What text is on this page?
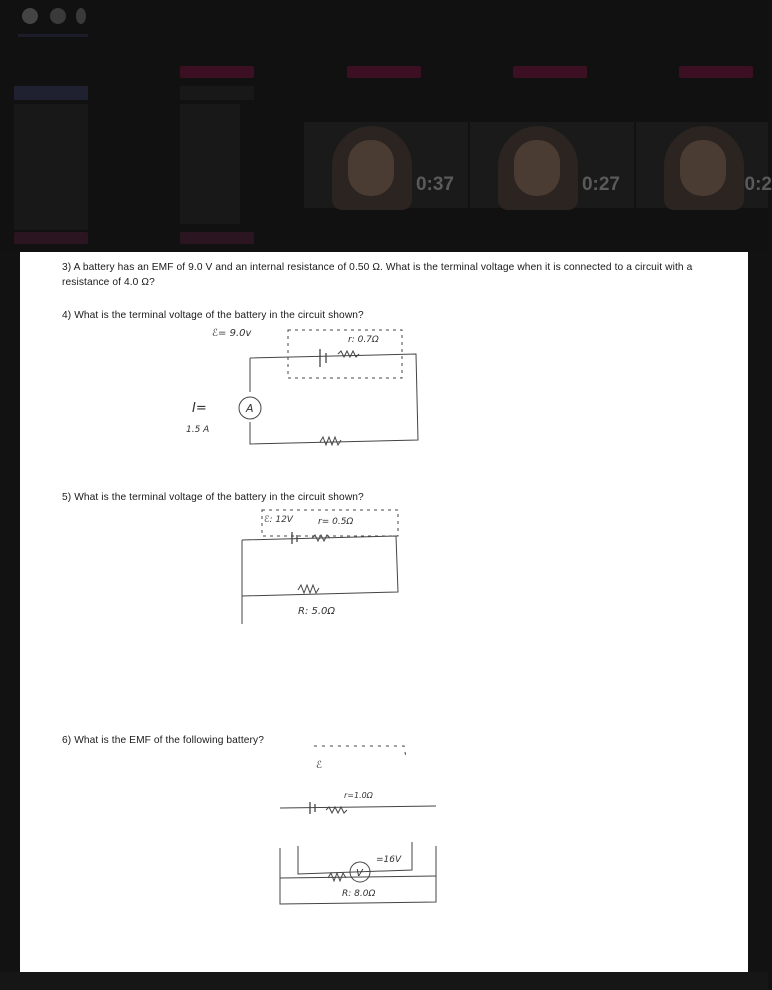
0:37	0:27	0:2
3) A battery has an EMF of 9.0 V and an internal resistance of 0.50 Ω. What is the terminal voltage when it is connected to a circuit with a resistance of 4.0 Ω?
4) What is the terminal voltage of the battery in the circuit shown?
5) What is the terminal voltage of the battery in the circuit shown?
6) What is the EMF of the following battery?
ℰ= 9.0v
r: 0.7Ω
A
I=
1.5 A
ℰ: 12V	r= 0.5Ω
R: 5.0Ω
ℰ
r=1.0Ω
=16V
V
R: 8.0Ω
